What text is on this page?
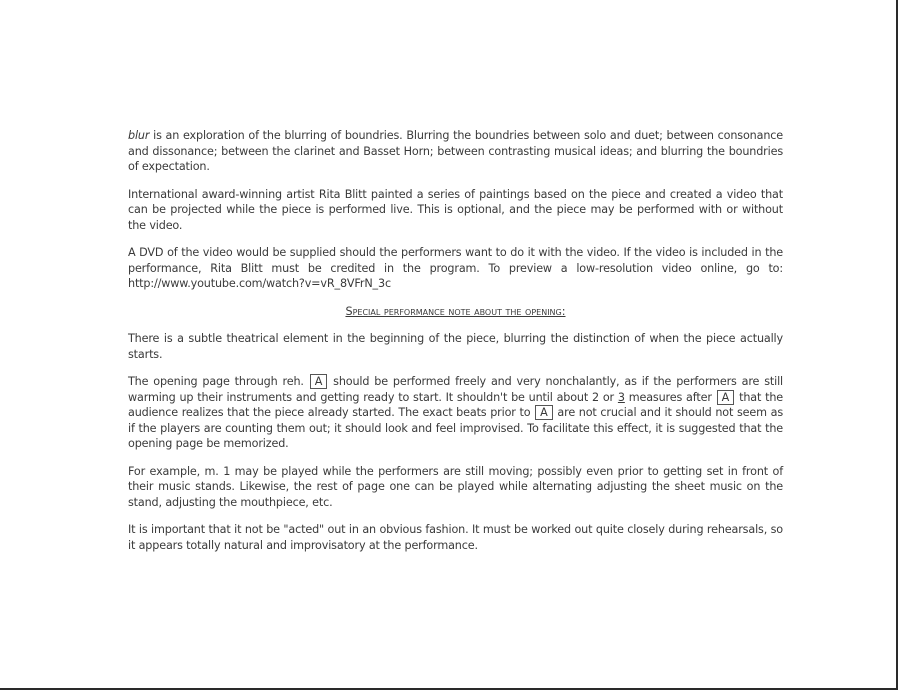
blur is an exploration of the blurring of boundries. Blurring the boundries between solo and duet; between consonance and dissonance; between the clarinet and Basset Horn; between contrasting musical ideas; and blurring the boundries of expectation.

International award-winning artist Rita Blitt painted a series of paintings based on the piece and created a video that can be projected while the piece is performed live. This is optional, and the piece may be performed with or without the video.

A DVD of the video would be supplied should the performers want to do it with the video. If the video is included in the performance, Rita Blitt must be credited in the program. To preview a low-resolution video online, go to: http://www.youtube.com/watch?v=vR_8VFrN_3c

Special performance note about the opening:

There is a subtle theatrical element in the beginning of the piece, blurring the distinction of when the piece actually starts.

The opening page through reh. A should be performed freely and very nonchalantly, as if the performers are still warming up their instruments and getting ready to start. It shouldn't be until about 2 or 3 measures after A that the audience realizes that the piece already started. The exact beats prior to A are not crucial and it should not seem as if the players are counting them out; it should look and feel improvised. To facilitate this effect, it is suggested that the opening page be memorized.

For example, m. 1 may be played while the performers are still moving; possibly even prior to getting set in front of their music stands. Likewise, the rest of page one can be played while alternating adjusting the sheet music on the stand, adjusting the mouthpiece, etc.

It is important that it not be "acted" out in an obvious fashion. It must be worked out quite closely during rehearsals, so it appears totally natural and improvisatory at the performance.
